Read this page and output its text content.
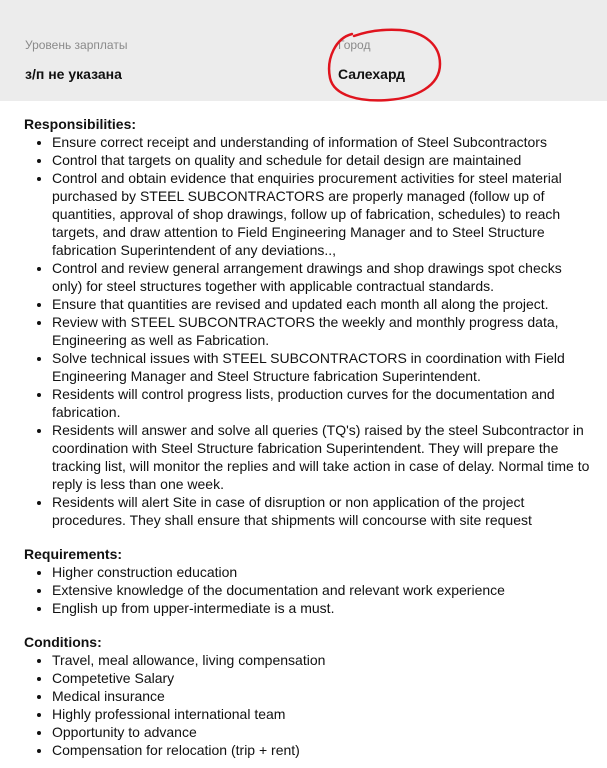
Уровень зарплаты
з/п не указана
Город
Салехард

Responsibilities:

• Ensure correct receipt and understanding of information of Steel Subcontractors
• Control that targets on quality and schedule for detail design are maintained
• Control and obtain evidence that enquiries procurement activities for steel material purchased by STEEL SUBCONTRACTORS are properly managed (follow up of quantities, approval of shop drawings, follow up of fabrication, schedules) to reach targets, and draw attention to Field Engineering Manager and to Steel Structure fabrication Superintendent of any deviations..,
• Control and review general arrangement drawings and shop drawings spot checks only) for steel structures together with applicable contractual standards.
• Ensure that quantities are revised and updated each month all along the project.
• Review with STEEL SUBCONTRACTORS the weekly and monthly progress data, Engineering as well as Fabrication.
• Solve technical issues with STEEL SUBCONTRACTORS in coordination with Field Engineering Manager and Steel Structure fabrication Superintendent.
• Residents will control progress lists, production curves for the documentation and fabrication.
• Residents will answer and solve all queries (TQ's) raised by the steel Subcontractor in coordination with Steel Structure fabrication Superintendent. They will prepare the tracking list, will monitor the replies and will take action in case of delay. Normal time to reply is less than one week.
• Residents will alert Site in case of disruption or non application of the project procedures. They shall ensure that shipments will concourse with site request

Requirements:

• Higher construction education
• Extensive knowledge of the documentation and relevant work experience
• English up from upper-intermediate is a must.

Conditions:

• Travel, meal allowance, living compensation
• Competetive Salary
• Medical insurance
• Highly professional international team
• Opportunity to advance
• Compensation for relocation (trip + rent)
